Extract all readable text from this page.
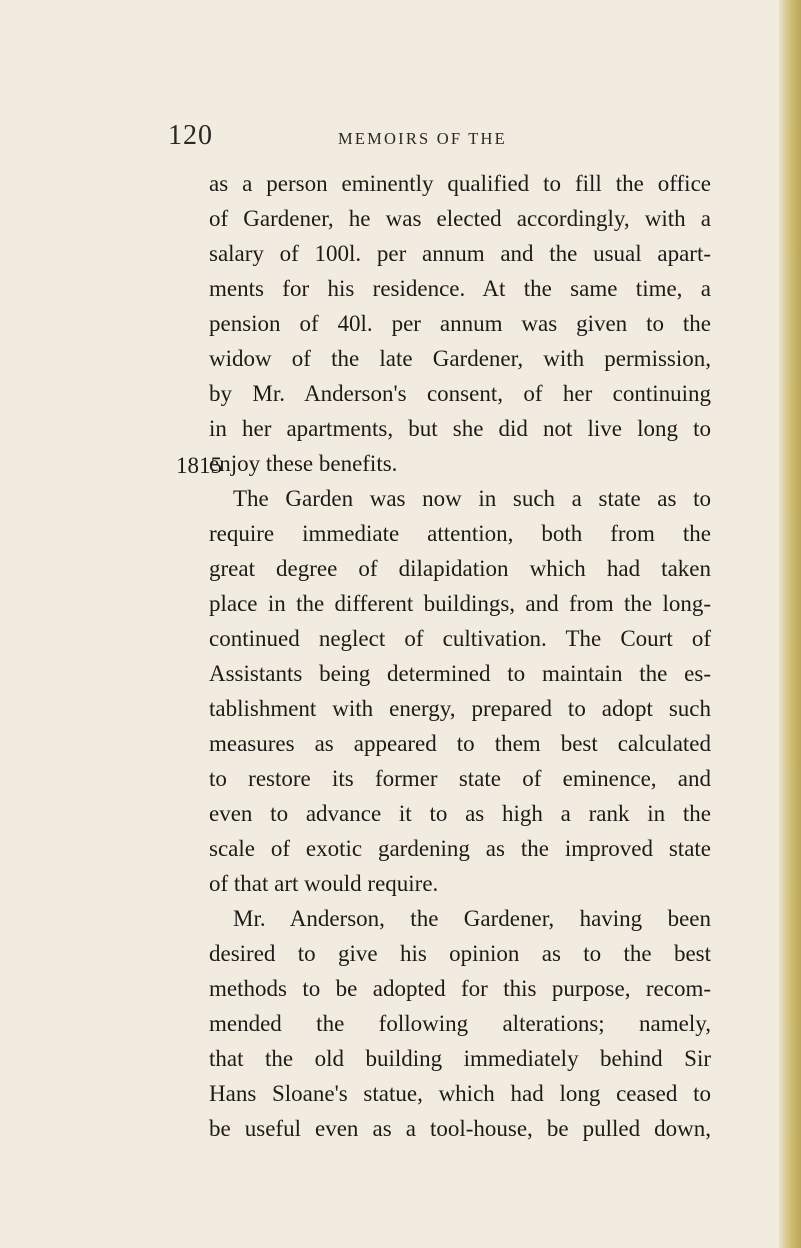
120	MEMOIRS OF THE
1815
as a person eminently qualified to fill the office
of Gardener, he was elected accordingly, with a
salary of 100l. per annum and the usual apart-
ments for his residence. At the same time, a
pension of 40l. per annum was given to the
widow of the late Gardener, with permission,
by Mr. Anderson's consent, of her continuing
in her apartments, but she did not live long to
enjoy these benefits.
The Garden was now in such a state as to
require immediate attention, both from the
great degree of dilapidation which had taken
place in the different buildings, and from the long-
continued neglect of cultivation. The Court of
Assistants being determined to maintain the es-
tablishment with energy, prepared to adopt such
measures as appeared to them best calculated
to restore its former state of eminence, and
even to advance it to as high a rank in the
scale of exotic gardening as the improved state
of that art would require.
Mr. Anderson, the Gardener, having been
desired to give his opinion as to the best
methods to be adopted for this purpose, recom-
mended the following alterations; namely,
that the old building immediately behind Sir
Hans Sloane's statue, which had long ceased to
be useful even as a tool-house, be pulled down,
